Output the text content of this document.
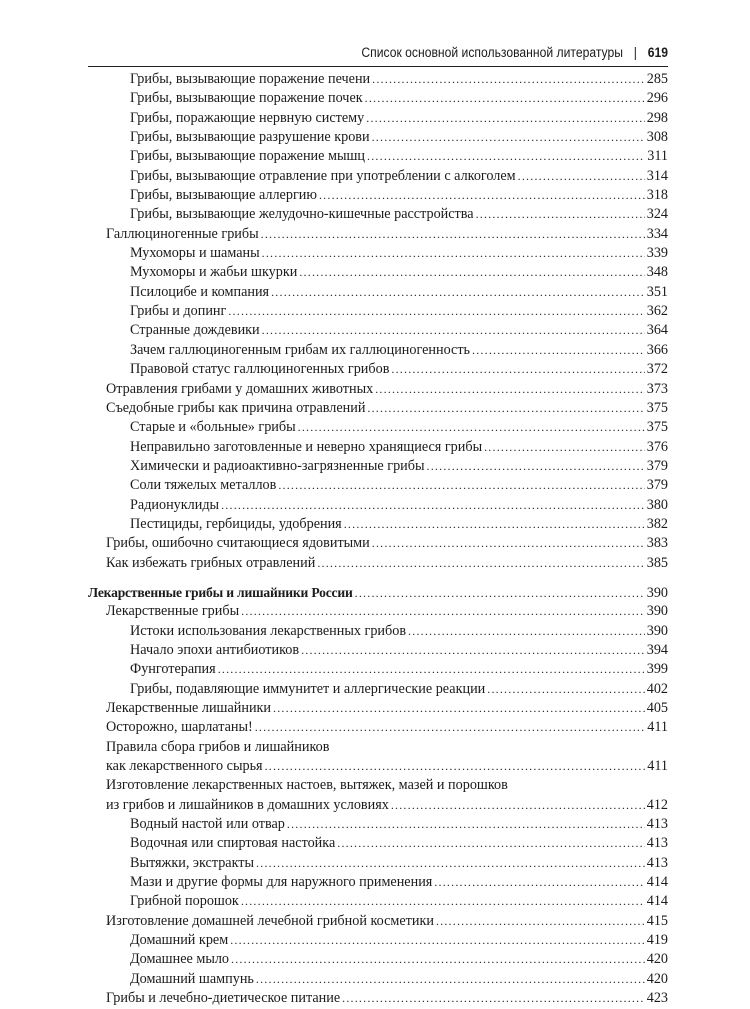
Список основной использованной литературы | 619
Грибы, вызывающие поражение печени .....	285
Грибы, вызывающие поражение почек .....	296
Грибы, поражающие нервную систему .....	298
Грибы, вызывающие разрушение крови .....	308
Грибы, вызывающие поражение мышц .....	311
Грибы, вызывающие отравление при употреблении с алкоголем .....	314
Грибы, вызывающие аллергию .....	318
Грибы, вызывающие желудочно-кишечные расстройства .....	324
Галлюциногенные грибы .....	334
Мухоморы и шаманы .....	339
Мухоморы и жабьи шкурки .....	348
Псилоцибе и компания .....	351
Грибы и допинг .....	362
Странные дождевики .....	364
Зачем галлюциногенным грибам их галлюциногенность .....	366
Правовой статус галлюциногенных грибов .....	372
Отравления грибами у домашних животных .....	373
Съедобные грибы как причина отравлений .....	375
Старые и «больные» грибы .....	375
Неправильно заготовленные и неверно хранящиеся грибы .....	376
Химически и радиоактивно-загрязненные грибы .....	379
Соли тяжелых металлов .....	379
Радионуклиды .....	380
Пестициды, гербициды, удобрения .....	382
Грибы, ошибочно считающиеся ядовитыми .....	383
Как избежать грибных отравлений .....	385
Лекарственные грибы и лишайники России .....	390
Лекарственные грибы .....	390
Истоки использования лекарственных грибов .....	390
Начало эпохи антибиотиков .....	394
Фунготерапия .....	399
Грибы, подавляющие иммунитет и аллергические реакции .....	402
Лекарственные лишайники .....	405
Осторожно, шарлатаны! .....	411
Правила сбора грибов и лишайников
как лекарственного сырья .....	411
Изготовление лекарственных настоев, вытяжек, мазей и порошков
из грибов и лишайников в домашних условиях .....	412
Водный настой или отвар .....	413
Водочная или спиртовая настойка .....	413
Вытяжки, экстракты .....	413
Мази и другие формы для наружного применения .....	414
Грибной порошок .....	414
Изготовление домашней лечебной грибной косметики .....	415
Домашний крем .....	419
Домашнее мыло .....	420
Домашний шампунь .....	420
Грибы и лечебно-диетическое питание .....	423
